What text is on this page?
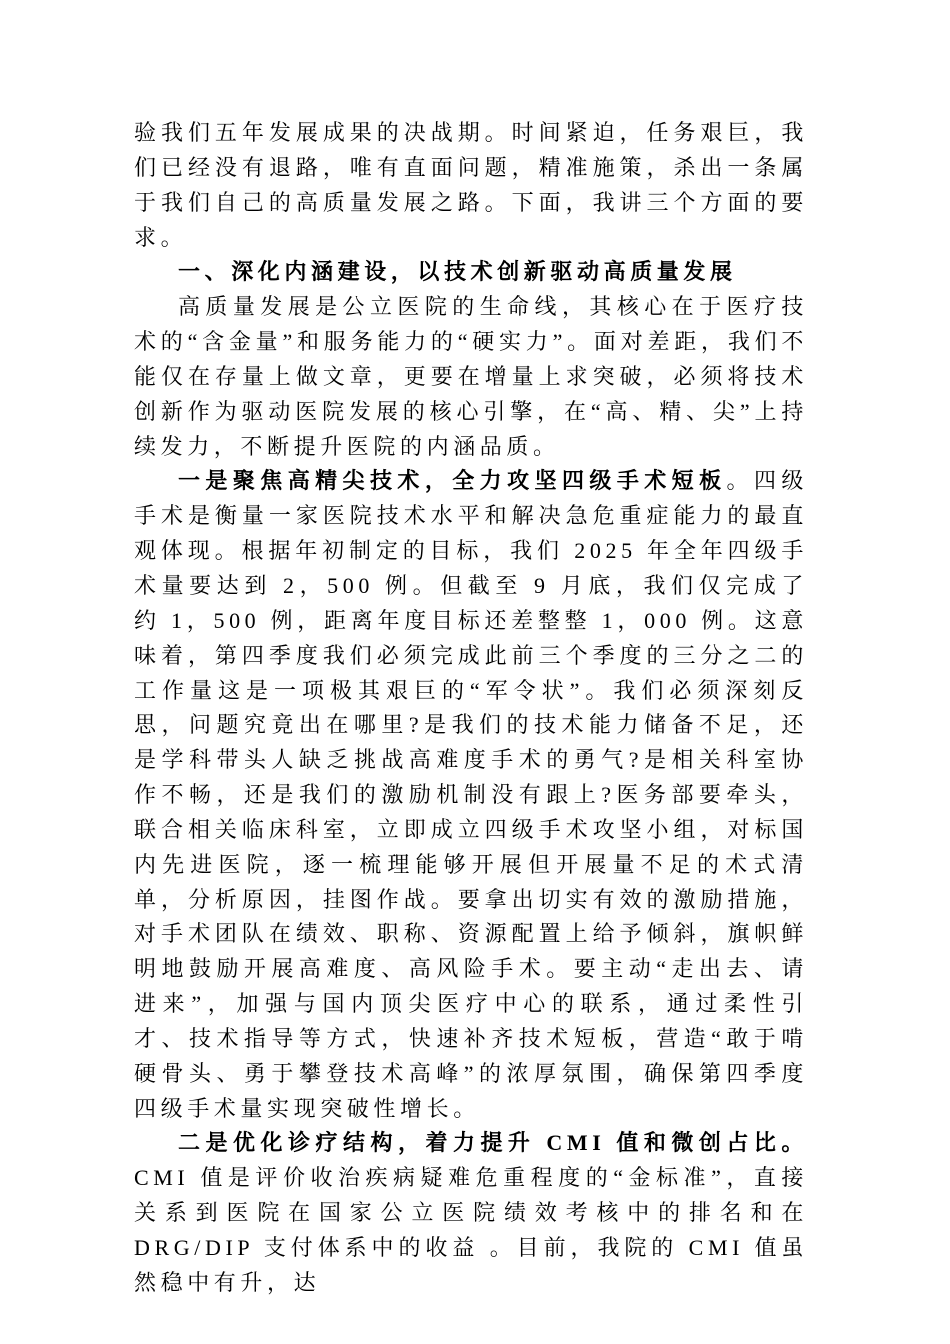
验我们五年发展成果的决战期。时间紧迫，任务艰巨，我们已经没有退路，唯有直面问题，精准施策，杀出一条属于我们自己的高质量发展之路。下面，我讲三个方面的要求。

一、深化内涵建设，以技术创新驱动高质量发展

高质量发展是公立医院的生命线，其核心在于医疗技术的“含金量”和服务能力的“硬实力”。面对差距，我们不能仅在存量上做文章，更要在增量上求突破，必须将技术创新作为驱动医院发展的核心引擎，在“高、精、尖”上持续发力，不断提升医院的内涵品质。

一是聚焦高精尖技术，全力攻坚四级手术短板。四级手术是衡量一家医院技术水平和解决急危重症能力的最直观体现。根据年初制定的目标，我们 2025 年全年四级手术量要达到 2，500 例。但截至 9 月底，我们仅完成了约 1，500 例，距离年度目标还差整整 1，000 例。这意味着，第四季度我们必须完成此前三个季度的三分之二的工作量这是一项极其艰巨的“军令状”。我们必须深刻反思，问题究竟出在哪里?是我们的技术能力储备不足，还是学科带头人缺乏挑战高难度手术的勇气?是相关科室协作不畅，还是我们的激励机制没有跟上?医务部要牵头，联合相关临床科室，立即成立四级手术攻坚小组，对标国内先进医院，逐一梳理能够开展但开展量不足的术式清单，分析原因，挂图作战。要拿出切实有效的激励措施，对手术团队在绩效、职称、资源配置上给予倾斜，旗帜鲜明地鼓励开展高难度、高风险手术。要主动“走出去、请进来”，加强与国内顶尖医疗中心的联系，通过柔性引才、技术指导等方式，快速补齐技术短板，营造“敢于啃硬骨头、勇于攀登技术高峰”的浓厚氛围，确保第四季度四级手术量实现突破性增长。

二是优化诊疗结构，着力提升 CMI 值和微创占比。CMI 值是评价收治疾病疑难危重程度的“金标准”，直接关系到医院在国家公立医院绩效考核中的排名和在 DRG/DIP 支付体系中的收益 。目前，我院的 CMI 值虽然稳中有升，达
